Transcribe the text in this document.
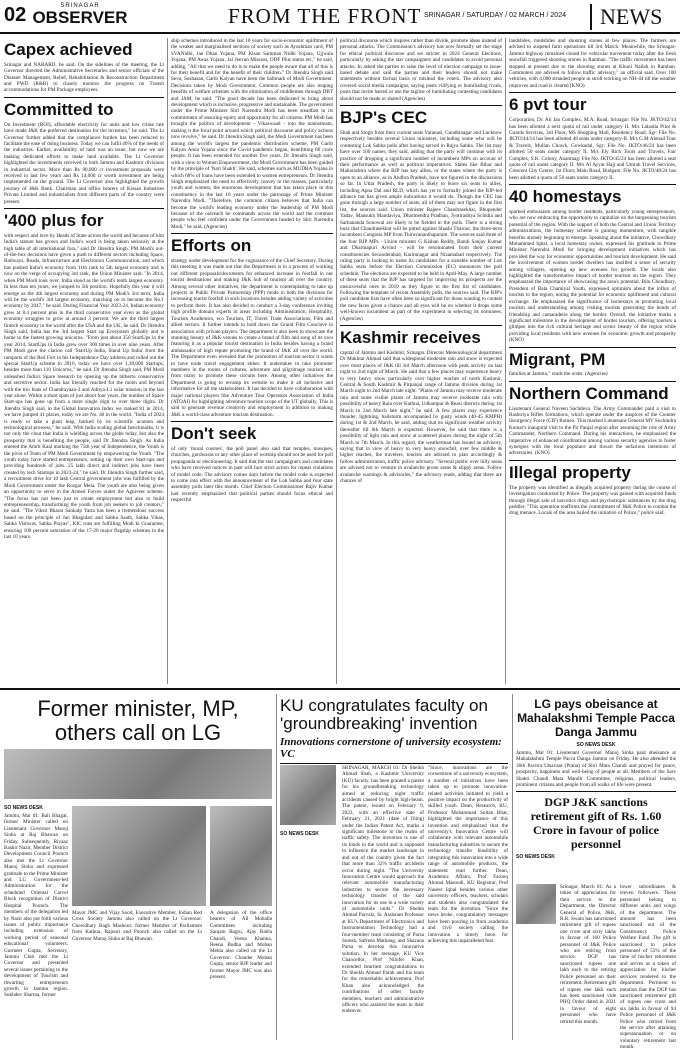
02	SRINAGAR
OBSERVER	FROM THE FRONT SRINAGAR / SATURDAY / 02 MARCH / 2024	NEWS
Capex achieved

Srinagar and NABARD, he said. On the sidelines of the meeting, the Lt Governor directed the Administrative Secretaries and senior officials of the Disaster Management, Relief, Rehabilitation & Reconstruction Department and PWD (R&B) to closely monitor the progress on Transit accommodations for PM Package employees.

Committed to

On Investment (ROI), affordable electricity for units and low crime rate have made J&K the preferred destination for the investors," he said. The Lt Governor further added that the compliance burden has been reduced to facilitate the ease of doing business. Today we can fulfil 40% of the needs of the industries. Earlier, availability of land was an issue, but now we are making dedicated efforts to make land available. The Lt Governor highlighted the investments received in both Jammu and Kashmir divisions in industrial sector. More than Rs 90,000 cr investment proposals were received in last few years and Rs 14,000 cr worth investment are being implemented on the ground. The Lt Governor also highlighted the growth journey of J&K Bank. Chairman and office bearers of Kissan Industries Private Limited and industrialists from different parts of the country were present.

'400 plus for

with respect and love by Heads of State across the world and because of him India's stature has grown and India's word is being taken seriously at the high table of all international fora," said Dr Jitendra Singh. PM Modi's out-of-the-box decisions have given a push to different sectors including Space, Railways, Roads, Infrastructure and Electronics Communication, and which has pushed India's economy from 11th rank to 5th largest economy and is now on the verge of occupying 3rd rank, the Union Minister said. "In 2014, when PM Modi took over, India stood as the world's tenth largest economy. In less than ten years, we jumped to 5th position. Hopefully this year it will emerge as the 4th largest economy and during PM Modi's 3rd term, India will be the world's 3rd largest economy, marching on to become the No.1 economy by 2047," he said. During Financial Year 2023-24, Indian economy grew at 8.4 percent plus in the third consecutive year even as the global economy struggles to grow at around 3 percent. We are the third largest fintech economy in the world after the USA and the UK, he said. Dr Jitendra Singh said, India has the 3rd largest Start up Ecosystem globally and is home to the fastest growing unicorns. "From just about 350 StartUps in the year 2014, StartUps in India grew over 300 times in over nine years. After PM Modi gave the clarion call 'StartUp India, Stand Up India' from the ramparts of the Red Fort in his Independence Day address and rolled out the special StartUp scheme in 2016, today we have over 1,30,000 Startups, besides more than 110 Unicorns," he said. Dr Jitendra Singh said, PM Modi unleashed India's Space research by opening up the hitherto conservative and secretive sector. India has literally reached for the moon and beyond with the trio feats of Chandrayaan-3 and Aditya-L1 solar mission in the last year alone. Within a short span of just about four years, the number of Space Start-ups has gone up from a mere single digit to over three digits. Dr Jitendra Singh said, in the Global Innovation Index we ranked 81 in 2014, we have jumped 41 places, today we are No. 40 in the world. "India of 2024 is ready to take a giant leap, backed by its scientific acumen and technological prowess," he said. With India scaling global benchmarks, it is not only the clout that India is wielding across the globe today, but also the prosperity that is benefiting the people, said Dr Jitendra Singh. As India entered the Amrit Kaal marking the 75th year of Independence, the Youth is the pivot of Team of PM Modi Government by empowering the Youth. "The youth today have started entrepreneurs, setting up their own Start-ups and providing hundreds of jobs. 25 lakh direct and indirect jobs have been created by tech Startups in 2023-24," he said. Dr Jitendra Singh further said, a recruitment drive for 10 lakh Central government jobs was fulfilled by the Modi Government under the Rozgar Mela. The youth are also being given an opportunity to serve in the Armed Forces under the Agniveer scheme. "The focus has not been just to create employment but also to build entrepreneurship, transforming the youth from job seekers to job creators," he said. "The Viksit Bharat Sankalp Yatra has been a tremendous success based on the principle of Jan Bhagidari and Sabka Saath, Sabka Vikas, Sabka Vishwas, Sabka Prayas", KIC runs are fulfilling Modi ki Guarantee, ensuring 100 percent saturation of the 17-20 major flagship schemes in the last 10 years.

ship schemes introduced in the last 10 years for socio-economic upliftment of the weaker and marginalised sections of society such as Ayushman card, PM SVANidhi, Jan Dhan Yojana, PM Kisan Samman Nidhi Yojana, Ujjwala Yojana, PM Awas Yojana, Jal Jeevan Mission, ODF Plus status etc," he said, adding, "All that we need to do is to make the people aware that all of this is for their benefit and for the benefit of their children." Dr Jitendra Singh said Seva, Sushasan, Garib Kalyan have been the hallmark of Modi Government. Decisions taken by Modi Government, Common people are also reaping benefits of welfare schemes with the elimination of middlemen through DBT and JAM, he said. "The good decade has been dedicated to bring about development which is inclusive, progressive and sustainable. The government under the Prime Minister Shri Narendra Modi has been steadfast in its commitment of ensuring equity and opportunity for all citizens. PM Modi has brought the politics of development - Vikaswaad - into the mainstream, making it the focal point around which political discourse and policy actions now revolve," he said. Dr Jitendra Singh said, the Modi Government has been among the world's largest the pandemic distribution scheme, PM Garib Kalyan Anna Yojana since the Covid pandemic began, benefitting 80 crore people. It has been extended for another five years. Dr Jitendra Singh said, with a view to Women Empowerment, the Modi Government has been guided by the principle of 'Nari Shakti'. He said, schemes such as MUDRA Yojana in which 68% of loans have been extended to women entrepreneurs. Dr Jitendra Singh emphasized the need to effectively convey to the masses, particularly youth and women, the enormous development that has taken place in this constituency in the last 10 years under the patronage of Prime Minister Narendra Modi. "Therefore, the common citizen believes that India can become the world's leading economy under the leadership of PM Modi because of the outreach he commands across the world and the common people who feel confident under the Government headed by Shri Narendra Modi," he said. (Agencies)

Efforts on

strategy under development for the cognizance of the Chief Secretary. During this meeting it was made out that the Department is in a process of working out different proposals/documents for enhanced increase in footfall in our tourist destinations and making J&K hub of tourism all over the country. Among several other initiatives, the department is contemplating to take up projects in Public Private Partnership (PPP) mode in both the divisions for increasing tourist footfall in such locations besides adding variety of activities to perform there. It has also decided to conduct a 3-day conference inviting high profile domain experts in areas including Administration, Hospitality, Tourism Academics, eco Tourism, IT, Travel Trade Associations, Film and allied sectors. It further intends to hold down the Grand Film Conclave in association with private players. The department is also keen to showcase the stunning beauty of J&K venues to create a brand of film and song of its own featuring it as a popular tourist destination in India besides having a brand ambassador of high repute promoting the brand of J&K all over the world. The Department even revealed that the promotion of tourism sector it wants to have trade travel engagement either. It undertakes to take promoter members in the rooms of cultures, adventure and pilgrimage tourism etc. from many to promote these circuits here. Among other initiatives the Department is going to revamp its website to make it all inclusive and informative for all the stakeholders. It has decided to have collaboration with major national players like Adventure Tour Operators Association of India (ATOAI) for highlighting adventure tourism scope of the UT globally. This is said to generate revenue creativity and employment in addition to making J&K a world-class adventure tourism destination.

Don't seek

of only 'moral courses', the poll panel also said that temples, mosques, churches, gurdwaras or any other place of worship should not be used for poll propaganda or electioneering. It said that the star campaigners and candidates who have received notices in past will face strict action for repeat violations of model code. The advisory comes days before the model code is expected to come into effect with the announcement of the Lok Sabha and four state assembly polls later this month. Chief Election Commissioner Rajiv Kumar had recently emphasized that political parties should focus ethical and respectful

political discourse which inspires rather than divide, promote ideas instead of personal attacks. The Commission's advisory has now formally set the stage for ethical political discourse and set stricter in 2024 General Elections, particularly by asking the star campaigners and candidates to avoid personal attacks. In asked the parties to raise the level of election campaign to issue-based debate and said the parties and their leaders should not make statements without factual basis or mislead the voters. The advisory also covered social media campaigns, saying posts vilifying or humiliating rivals, posts that invite hatred or use the tagline of humiliating contesting candidates should not be made or shared (Agencies)

BJP's CEC

Shah and Singh from their current seats Varanasi, Gandhinagar and Lucknow respectively besides several Union ministers, including some who will be contesting Lok Sabha polls after having served in Rajya Sabha. The list may have over 100 names, they said, adding that the party will continue with its practice of dropping a significant number of incumbent MPs on account of their performance as well as political imperatives. States like Bihar and Maharashtra where the BJP has key allies, or the states where the party is open to an alliance, as in Andhra Pradesh, have not figured in the discussions so far. In Uttar Pradesh, the party is likely to leave six seats to allies, including Apna Dal and RLD, which has yet to formally joined the BJP-led alliance but has given ample indications it would do. Though the CEC has gone through a large number of seats, all of them may not figure in the first list, the sources said. Union minister Rajeev Chandrasekhar, Bhupender Yadav, Mansukh Mandaviya, Dharmendra Pradhan, Jyotiraditya Scindia and Sarbananda Sonowal are likely to be fielded in the polls. There is a strong buzz that Chandrasekhar will be pitted against Shashi Tharoor, the three-term incumbent Congress MP from Thiruvananthapuram. The sources said three of the four BJP MPs - Union minister G Kishan Reddy, Bandi Sanjay Kumar and Dharmapuri Arvind - will be renominated from their current constituencies Secunderabad, Karimnagar and Nizamabad respectively. The ruling party is looking to name its candidates for a sizeable number of Lok Sabha seats before the Election Commission (EC) announces the poll schedule. The elections are expected to be held in April-May. A large number of these seats that the BJP has targeted for improving its prospects are the unsuccessful ones in 2019 as they figure in the first list of candidates. Following the template of recent Assembly polls, the sources said. The BJP's poll candidate lists have often been so significant for those wanting to contest the new faces given a chance and all eyes will be on whether it drops some well-known incumbent as part of the experiment in selecting its nominees. (Agencies)

Kashmir receives

capital of Jammu and Kashmir, Srinagar. Director Meteorological department Dr Mukhtar Ahmad said that widespread moderate rain and snow is expected over most places of J&K till 3rd March afternoon with peak activity on last night to 2nd night of March. He said that a few places may experience heavy to very heavy snow particularly over higher reaches of north Kashmir, Central & South Kashmir & Pirpanjal range of Jammu division during 1st March night to 2nd March late night. "Plains of Jammu may receive moderate rain and some visible plains of Jammu may receive moderate rain with possibility of heavy Rain over Kathua, Udhampur & Reasi districts during 1st March to 2nd March late night," he said. A few places may experience thunder, lightning, hailstorm accompanied by gusty winds (40-45 KMPH) during 1st & 2nd March, he said, adding that no significant weather activity thereafter till 6th March is expected. However, he said that there is a possibility of light rain and snow at scattered places during the night of 5th March to 7th March. In this regard, the weatherman has issued an advisory, saying that in view of heavy to very heavy snowfall, over few middle & higher reaches, the travelers, tourists are advised to plan accordingly & follow administration, traffic police advisory. "Several public over hilly areas are advised not to venture in avalanche prone areas & slippy areas. Follow avalanche warnings & advisories," the advisory reads, adding that there are chances of

landslides, mudslides and shooting stones at few places. The farmers are advised to suspend farm operations till 3rd March. Meanwhile, the Srinagar-Jammu highway remained closed for vehicular movement today after the fresh snowfall triggered shooting stones in Ramban. "The traffic movement has been stopped at present due to the shooting stones at Khuni Nallah in Ramban. Commuters are advised to follow traffic advisory," an official said. Over 100 vehicles, with 4,000 stranded people in stroll working on NH-44 till the weather improves and road is cleared (KNO)

6 pvt tour

Corporation, Dr. Ali Jan Complex, M.A. Road, Srinagar: File No. JKTO/42/14 has been allotted a next quota of rail under category II. M/s Lahadia Pilot & Guards Services, 3rd Floor, MS Shopping Mall, Residency Road, Sgr: File No. JKTO/44/14 has been allotted 48 seats under category-II. M/s G.M Ahmad Tour & Travels, Mullan Chowk, Gowkadal, Sgr: File No. JKTO/46/24 has been allotted 50 seats under category II. M/s Ely Rich Tours and Travels, Fair Complex, S.K. Colony, Anantnag: File No. JKTO/45/24 has been allotted a seat quota of rail under category II. M/s Al Ayyat Hajj and Umrah Travel Services, Crescent City Centre, 1st Floor, Main Road, Budgam: File No. JKTO/48/24 has been allotted a quota of 50 seats under category II.

40 homestays

sparked enthusiasm among border residents, particularly young entrepreneurs, who are now embracing the opportunity to capitalize on the burgeoning tourism potential of the region. With the support of both the Central and Union Territory administrations, the homestay scheme is gaining momentum, with tangible benefits already beginning to emerge. Speaking about the initiative, Chowdhary Mohammed Iqbal, a local homestay owner, expressed his gratitude to Prime Minister Narendra Modi for bringing development initiatives which has provided the way for economic opportunities and tourism development. He said the involvement of women border dwellers has instilled a sense of security among villagers, opening up new avenues for growth. The locals also highlighted the transformative impact of border tourism on the region. They emphasized the importance of showcasing the area's potential. Bilu Choudhary, President of Bala Chamiyal Youth, expressed optimism about the influx of tourists to the region, noting the potential for economic upliftment and cultural exchange. He emphasized the significance of homestays in promoting local tourism and understanding among visiting tourists generating the bonds of friendship and camaraderie along the border. Overall, the initiative marks a significant milestone in the development of border tourism, offering tourists a glimpse into the rich cultural heritage and scenic beauty of the region while providing local residents with new avenues for economic growth and prosperity (KNO)

Migrant, PM

families at Jammu," reads the order. (Agencies)

Northern Command

Lieutenant General Naveen Sachdeva. The Army Commander paid a visit to Rashtriya Rifles formations, which operate under the auspices of the Counter Insurgency Force (CIF) Romeo. This marked Lieutenant General MV Suchindra Kumar's inaugural visit to the Pir Panjal region after assuming the role of Army Commander, Northern Command. During his interactions, he emphasized the imperative of enhanced coordination among various security agencies to foster synergies with the local populace and thwart the nefarious intentions of adversaries. (KNO)

Illegal property

The property was identified as illegally acquired property during the course of investigation conducted by Police. The property was gained with acquired funds through illegal sale of narcotics drugs and psychotropic substances by the drug peddler. "This operation reaffirms the commitment of J&K Police to combat the drug menace. Locals of the area hailed the initiative of Police," police said.

Former minister, MP, others call on LG
SO NEWS DESK

Jammu, Mar 01: Bali Bhagat, former Minister called on Lieutenant Governor Manoj Sinha at Raj Bhawan on Friday. Subsequently, Riyaaz Bashir Nazir, Member District Development Council Poonch also met the Lt Governor Manoj Sinha and expressed gratitude to the Prime Minister and LG Government-led Administration for the scheduled Oriental Carvel Block recognition of District Hospital Poonch. The members of the delegation led by Nazir also put forth various issues of public importance including extension of working period of seasonal educational volunteers. Gurmeet Gupta, Secretary, Jammu Club met the Lt Governor and presented several issues pertaining to the development of Tourism and thwarting entrepreneurs growth in Jammu region. Sukhdev Sharma, former

Mayor JMC and Vijay Sood, Executive Member, Indian Red Cross Society Jammu also called on the Lt Governor. Chowdhary Bagh Mashoor, former Member of Parliament from Kathua, Rajouri and Poonch also called on the Lt Governor Manoj Sinha at Raj Bhawan.

A delegation of the office bearers of All Mohalla Committees including Sanjam Bagru, Ajay Babla Chandi, Veena Khanna, Reena Budha and Mohan Mehta also called on the Lt Governor. Chander Mohan Gupta, senior BJP leader and former Mayor JMC was also present.

KU congratulates faculty on 'groundbreaking' invention
Innovations cornerstone of university ecosystem: VC
SO NEWS DESK

SRINAGAR, MARCH 01: Dr Sheikh Ahmad Shah, a Kashmir University (KU) faculty, has been granted a patent for his groundbreaking technology aimed at reducing night traffic accidents caused by bright high-beam. The patent, issued on February 9, 2023, with an effective date of February 21, 2021 (date of filing) under the Indian Patent Act, marks a significant milestone in the realm of traffic safety. The invention is one of its kinds in the world and is supposed to influence the market landscape in and out of the country given the fact that more than 32% traffic accidents occur during night. "The University Innovation Centre would approach the relevant automobile manufacturing industries to secure the necessary technology transfer of the said innovation for its use in a wide variety of automobile units." Dr Sheikh Ahmad Parvaiz, Sr. Assistant Professor at KU's Department of Electronics and Instrumentation Technology had a four-member team consisting of Parsa Suresh, Safrena Mathang, and Shazana Parsa to develop this innovative solution. In her message, KU Vice Chancellor, Prof Nilofer Khan, extended heartiest congratulations to Dr Sheikh Ahmad Parah and his team for the remarkable achievement. Prof Khan also acknowledged the contributions of other faculty members, teachers and administrative officers who assisted the team in their endeavor.

"Since, innovations are the cornerstone of a university ecosystem, a number of initiatives have been taken up to promote innovation-related activities initiated to yield a positive impact on the productivity of skilled youth. Dean, Research, KU, Professor Mohammad Sultan Bhat, highlighted the importance of this invention and emphasized that the university's Innovation Centre will collaborate with relevant automobile manufacturing industries to secure the technology transfer feasibility of integrating this innovation into a wide range of automobile products, the statement read further. Dean, Academic Affairs, Prof Farooq Ahmad Masoodi, KU Registrar, Prof Naseer Iqbal besides various other university officers, teachers, scholars and students also congratulated the team for the invention. "Since the news broke, congratulatory messages have been pouring in from academia and civil society calling the innovation a timely boon for achieving this unparalleled feat.

LG pays obeisance at Mahalakshmi Temple Pacca Danga Jammu
SO NEWS DESK

Jammu, Mar 01: Lieutenant Governor Manoj Sinha paid obeisance at Mahalakshmi Temple Pacca Danga Jammu on Friday. He also attended the 36th Pavitra Utsavam (Prana) of Shri Mata Chandi and prayed for peace, prosperity, happiness and well-being of people at all. Members of the Sarv Shakti Chandi Mata Mandir Committee, religious, political leaders, prominent citizens and people from all walks of life were present.

DGP J&K sanctions retirement gift of Rs. 1.60 Crore in favour of police personnel
SO NEWS DESK

Srinagar, March 01: As a token of appreciation for their service to the Department, the Director General of Police, J&K, R.R. Swain has sanctioned retirement gift of rupees one crore and sixty lakhs in favour of 160 Police personnel of J&K Police who are retiring from service. DGP has sanctioned rupees one lakh each to the retiring Police personnel on their retirement. Retirement gift of rupees one lakh each has been sanctioned vide PHQ Order dated in 2021 in favour of eight personnel who have retired this month.

lower subordinates & eleven followers. These personnel belong to different units and wings of the department. The amount has been sanctioned out of the Constituency Police Welfare Fund. The gift is sanctioned to police personnel of 55% of the time of his/her retirement and serves as a token of appreciation for his/her services rendered to the department. Pertinent to mention that the DGP has sanctioned retirement gift of rupees one crore and six lakhs in favour of 94 Police personnel of J&K Police who retired from the service after attaining superannuation or on voluntary retirement last month.
